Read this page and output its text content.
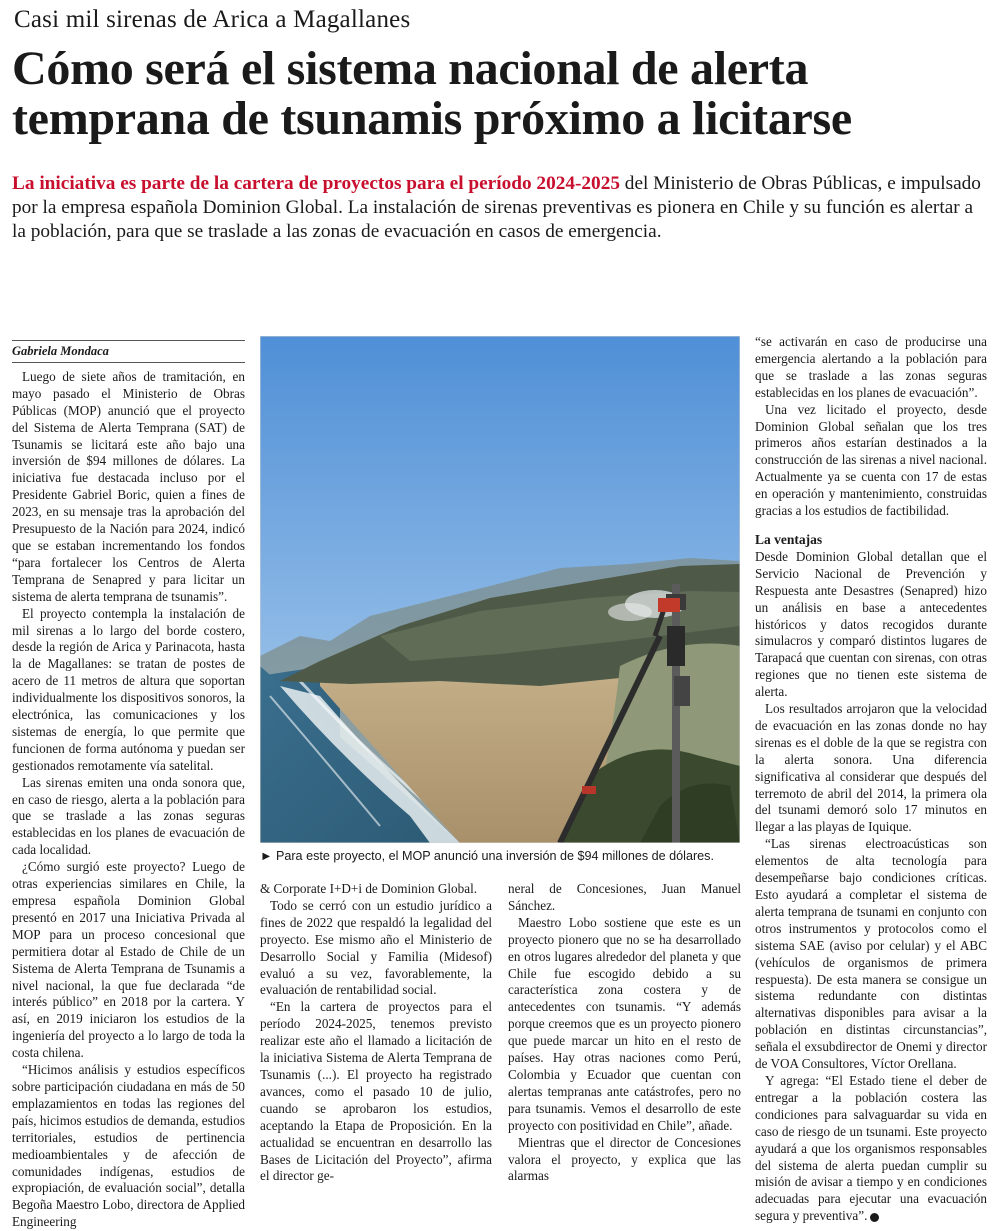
Casi mil sirenas de Arica a Magallanes
Cómo será el sistema nacional de alerta temprana de tsunamis próximo a licitarse

La iniciativa es parte de la cartera de proyectos para el período 2024-2025 del Ministerio de Obras Públicas, e impulsado por la empresa española Dominion Global. La instalación de sirenas preventivas es pionera en Chile y su función es alertar a la población, para que se traslade a las zonas de evacuación en casos de emergencia.

Gabriela Mondaca

Luego de siete años de tramitación, en mayo pasado el Ministerio de Obras Públicas (MOP) anunció que el proyecto del Sistema de Alerta Temprana (SAT) de Tsunamis se licitará este año bajo una inversión de $94 millones de dólares. La iniciativa fue destacada incluso por el Presidente Gabriel Boric, quien a fines de 2023, en su mensaje tras la aprobación del Presupuesto de la Nación para 2024, indicó que se estaban incrementando los fondos “para fortalecer los Centros de Alerta Temprana de Senapred y para licitar un sistema de alerta temprana de tsunamis”.

El proyecto contempla la instalación de mil sirenas a lo largo del borde costero, desde la región de Arica y Parinacota, hasta la de Magallanes: se tratan de postes de acero de 11 metros de altura que soportan individualmente los dispositivos sonoros, la electrónica, las comunicaciones y los sistemas de energía, lo que permite que funcionen de forma autónoma y puedan ser gestionados remotamente vía satelital.

Las sirenas emiten una onda sonora que, en caso de riesgo, alerta a la población para que se traslade a las zonas seguras establecidas en los planes de evacuación de cada localidad.

¿Cómo surgió este proyecto? Luego de otras experiencias similares en Chile, la empresa española Dominion Global presentó en 2017 una Iniciativa Privada al MOP para un proceso concesional que permitiera dotar al Estado de Chile de un Sistema de Alerta Temprana de Tsunamis a nivel nacional, la que fue declarada “de interés público” en 2018 por la cartera. Y así, en 2019 iniciaron los estudios de la ingeniería del proyecto a lo largo de toda la costa chilena.

“Hicimos análisis y estudios específicos sobre participación ciudadana en más de 50 emplazamientos en todas las regiones del país, hicimos estudios de demanda, estudios territoriales, estudios de pertinencia medioambientales y de afección de comunidades indígenas, estudios de expropiación, de evaluación social”, detalla Begoña Maestro Lobo, directora de Applied Engineering

► Para este proyecto, el MOP anunció una inversión de $94 millones de dólares.

& Corporate I+D+i de Dominion Global.

Todo se cerró con un estudio jurídico a fines de 2022 que respaldó la legalidad del proyecto. Ese mismo año el Ministerio de Desarrollo Social y Familia (Midesof) evaluó a su vez, favorablemente, la evaluación de rentabilidad social.

“En la cartera de proyectos para el período 2024-2025, tenemos previsto realizar este año el llamado a licitación de la iniciativa Sistema de Alerta Temprana de Tsunamis (...). El proyecto ha registrado avances, como el pasado 10 de julio, cuando se aprobaron los estudios, aceptando la Etapa de Proposición. En la actualidad se encuentran en desarrollo las Bases de Licitación del Proyecto”, afirma el director ge-

neral de Concesiones, Juan Manuel Sánchez.

Maestro Lobo sostiene que este es un proyecto pionero que no se ha desarrollado en otros lugares alrededor del planeta y que Chile fue escogido debido a su característica zona costera y de antecedentes con tsunamis. “Y además porque creemos que es un proyecto pionero que puede marcar un hito en el resto de países. Hay otras naciones como Perú, Colombia y Ecuador que cuentan con alertas tempranas ante catástrofes, pero no para tsunamis. Vemos el desarrollo de este proyecto con positividad en Chile”, añade.

Mientras que el director de Concesiones valora el proyecto, y explica que las alarmas

“se activarán en caso de producirse una emergencia alertando a la población para que se traslade a las zonas seguras establecidas en los planes de evacuación”.

Una vez licitado el proyecto, desde Dominion Global señalan que los tres primeros años estarían destinados a la construcción de las sirenas a nivel nacional. Actualmente ya se cuenta con 17 de estas en operación y mantenimiento, construidas gracias a los estudios de factibilidad.

La ventajas

Desde Dominion Global detallan que el Servicio Nacional de Prevención y Respuesta ante Desastres (Senapred) hizo un análisis en base a antecedentes históricos y datos recogidos durante simulacros y comparó distintos lugares de Tarapacá que cuentan con sirenas, con otras regiones que no tienen este sistema de alerta.

Los resultados arrojaron que la velocidad de evacuación en las zonas donde no hay sirenas es el doble de la que se registra con la alerta sonora. Una diferencia significativa al considerar que después del terremoto de abril del 2014, la primera ola del tsunami demoró solo 17 minutos en llegar a las playas de Iquique.

“Las sirenas electroacústicas son elementos de alta tecnología para desempeñarse bajo condiciones críticas. Esto ayudará a completar el sistema de alerta temprana de tsunami en conjunto con otros instrumentos y protocolos como el sistema SAE (aviso por celular) y el ABC (vehículos de organismos de primera respuesta). De esta manera se consigue un sistema redundante con distintas alternativas disponibles para avisar a la población en distintas circunstancias”, señala el exsubdirector de Onemi y director de VOA Consultores, Víctor Orellana.

Y agrega: “El Estado tiene el deber de entregar a la población costera las condiciones para salvaguardar su vida en caso de riesgo de un tsunami. Este proyecto ayudará a que los organismos responsables del sistema de alerta puedan cumplir su misión de avisar a tiempo y en condiciones adecuadas para ejecutar una evacuación segura y preventiva”.
